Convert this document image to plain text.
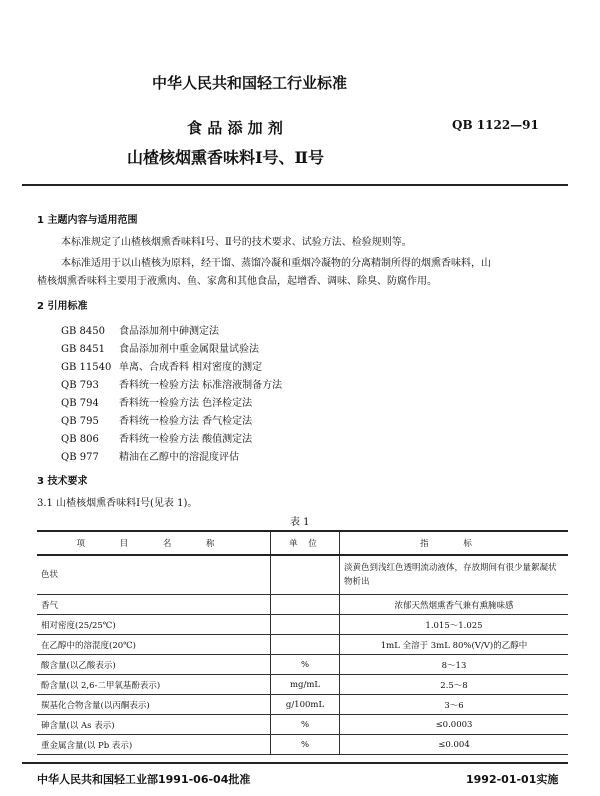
中华人民共和国轻工行业标准
食 品 添 加 剂	QB 1122—91
山楂核烟熏香味料Ⅰ号、Ⅱ号
1 主题内容与适用范围
本标准规定了山楂核烟熏香味料Ⅰ号、Ⅱ号的技术要求、试验方法、检验规则等。
本标准适用于以山楂核为原料，经干馏、蒸馏冷凝和重烟冷凝物的分离精制所得的烟熏香味料，山
楂核烟熏香味料主要用于液熏肉、鱼、家禽和其他食品，起增香、调味、除臭、防腐作用。
2 引用标准
GB 8450 食品添加剂中砷测定法
GB 8451 食品添加剂中重金属限量试验法
GB 11540 单离、合成香料 相对密度的测定
QB 793 香料统一检验方法 标准溶液制备方法
QB 794 香料统一检验方法 色泽检定法
QB 795 香料统一检验方法 香气检定法
QB 806 香料统一检验方法 酸值测定法
QB 977 精油在乙醇中的溶混度评估
3 技术要求
3.1 山楂核烟熏香味料Ⅰ号(见表 1)。
表 1
项 目 名 称	单 位	指 标
色状		淡黄色到浅红色透明流动液体，存放期间有很少量絮凝状物析出
香气		浓郁天然烟熏香气兼有熏腌味感
相对密度(25/25℃)		1.015～1.025
在乙醇中的溶混度(20℃)		1mL 全溶于 3mL 80%(V/V)的乙醇中
酸含量(以乙酸表示)	%	8～13
酚含量(以 2,6-二甲氧基酚表示)	mg/mL	2.5～8
羰基化合物含量(以丙酮表示)	g/100mL	3～6
砷含量(以 As 表示)	%	≤0.0003
重金属含量(以 Pb 表示)	%	≤0.004
中华人民共和国轻工业部1991-06-04批准	1992-01-01实施
